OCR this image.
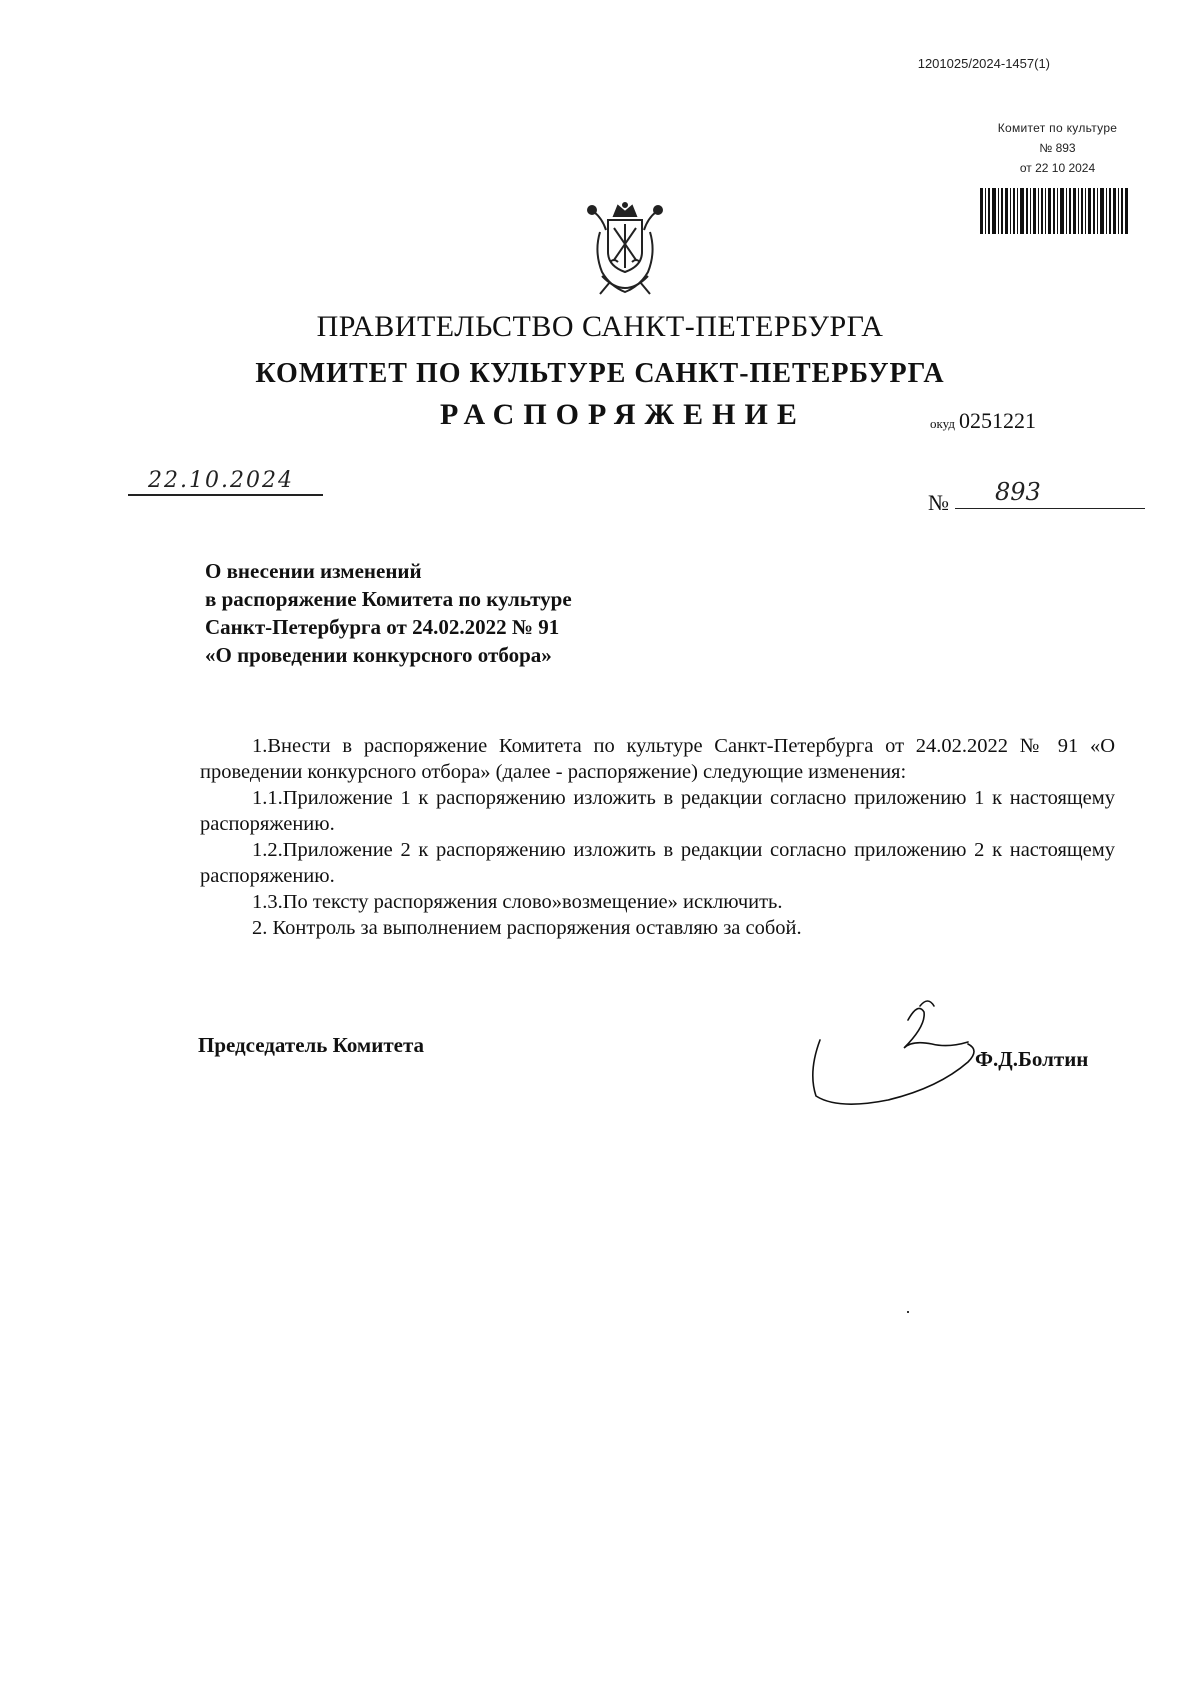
1201025/2024-1457(1)
Комитет по культуре
№ 893
от 22 10 2024
ПРАВИТЕЛЬСТВО САНКТ-ПЕТЕРБУРГА
КОМИТЕТ ПО КУЛЬТУРЕ САНКТ-ПЕТЕРБУРГА
РАСПОРЯЖЕНИЕ	окуд 0251221
22.10.2024
№ 893
О внесении изменений
в распоряжение Комитета по культуре
Санкт-Петербурга от 24.02.2022 № 91
«О проведении конкурсного отбора»

1.Внести в распоряжение Комитета по культуре Санкт-Петербурга от 24.02.2022 № 91 «О проведении конкурсного отбора» (далее - распоряжение) следующие изменения:

1.1.Приложение 1 к распоряжению изложить в редакции согласно приложению 1 к настоящему распоряжению.

1.2.Приложение 2 к распоряжению изложить в редакции согласно приложению 2 к настоящему распоряжению.

1.3.По тексту распоряжения слово»возмещение» исключить.

2. Контроль за выполнением распоряжения оставляю за собой.

Председатель Комитета
Ф.Д.Болтин
